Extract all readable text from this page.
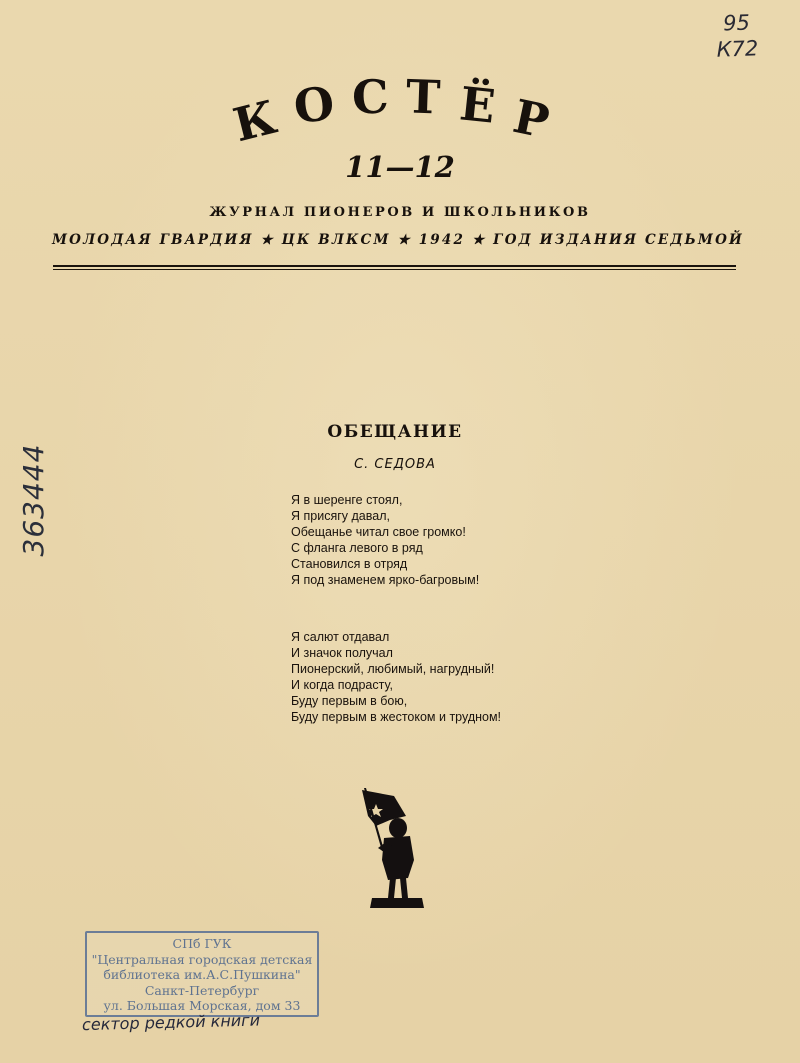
95
К72
К О С Т Ё Р
11—12
ЖУРНАЛ ПИОНЕРОВ И ШКОЛЬНИКОВ
МОЛОДАЯ ГВАРДИЯ ★ ЦК ВЛКСМ ★ 1942 ★ ГОД ИЗДАНИЯ СЕДЬМОЙ
363444
ОБЕЩАНИЕ
С. СЕДОВА
Я в шеренге стоял,
Я присягу давал,
Обещанье читал свое громко!
С фланга левого в ряд
Становился в отряд
Я под знаменем ярко-багровым!
Я салют отдавал
И значок получал
Пионерский, любимый, нагрудный!
И когда подрасту,
Буду первым в бою,
Буду первым в жестоком и трудном!
СПб ГУК
"Центральная городская детская
библиотека им.А.С.Пушкина"
Санкт-Петербург
ул. Большая Морская, дом 33
сектор редкой книги
